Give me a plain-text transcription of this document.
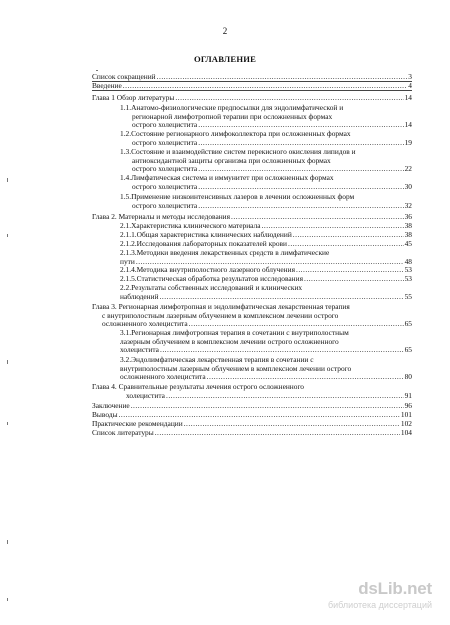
2
ОГЛАВЛЕНИЕ
Список сокращений .....	3
Введение .....	4
Глава 1 Обзор литературы .....	14
1.1.Анатомо-физиологические предпосылки для эндолимфатической и
регионарной лимфотропной терапии при осложненных формах
острого холецистита .....	14
1.2.Состояние регионарного лимфоколлектора при осложненных формах
острого холецистита .....	19
1.3.Состояние и взаимодействие систем перекисного окисления липидов и
антиоксидантной защиты организма при осложненных формах
острого холецистита .....	22
1.4.Лимфатическая система и иммунитет при осложненных формах
острого холецистита .....	30
1.5.Применение низкоинтенсивных лазеров в лечении осложненных форм
острого холецистита .....	32
Глава 2. Материалы и методы исследования .....	36
2.1.Характеристика клинического материала .....	38
2.1.1.Общая характеристика клинических наблюдений .....	38
2.1.2.Исследования лабораторных показателей крови .....	45
2.1.3.Методики введения лекарственных средств в лимфатические
пути .....	48
2.1.4.Методика внутриполостного лазерного облучения .....	53
2.1.5.Статистическая обработка результатов исследования .....	53
2.2.Результаты собственных исследований и клинических
наблюдений .....	55
Глава 3. Регионарная лимфотропная и эндолимфатическая лекарственная терапия
с внутриполостным лазерным облучением в комплексном лечении острого
осложненного холецистита .....	65
3.1.Регионарная лимфотропная терапия в сочетании с внутриполостным
лазерным облучением в комплексном лечении острого осложненного
холецистита .....	65
3.2.Эндолимфатическая лекарственная терапия в сочетании с
внутриполостным лазерным облучением в комплексном лечении острого
осложненного холецистита .....	80
Глава 4. Сравнительные результаты лечения острого осложненного
холецистита .....	91
Заключение .....	96
Выводы .....	101
Практические рекомендации .....	102
Список литературы .....	104
dsLib.net
библиотека диссертаций
